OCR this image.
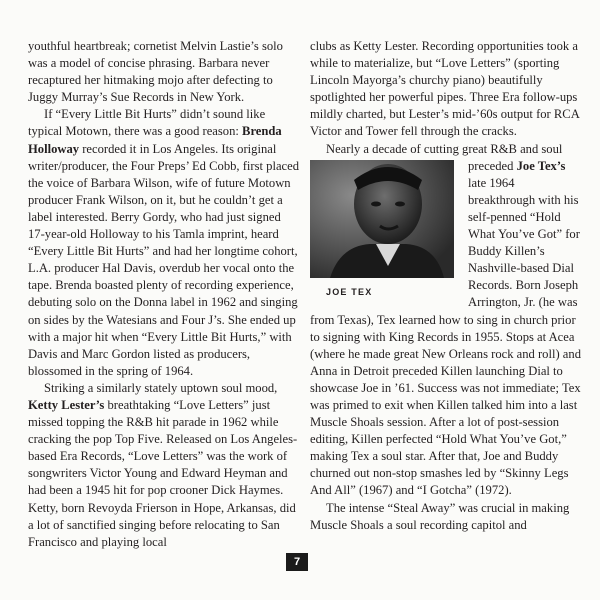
youthful heartbreak; cornetist Melvin Lastie’s solo was a model of concise phrasing. Barbara never recaptured her hitmaking mojo after defecting to Juggy Murray’s Sue Records in New York.

If “Every Little Bit Hurts” didn’t sound like typical Motown, there was a good reason: Brenda Holloway recorded it in Los Angeles. Its original writer/producer, the Four Preps’ Ed Cobb, first placed the voice of Barbara Wilson, wife of future Motown producer Frank Wilson, on it, but he couldn’t get a label interested. Berry Gordy, who had just signed 17-year-old Holloway to his Tamla imprint, heard “Every Little Bit Hurts” and had her longtime cohort, L.A. producer Hal Davis, overdub her vocal onto the tape. Brenda boasted plenty of recording experience, debuting solo on the Donna label in 1962 and singing on sides by the Watesians and Four J’s. She ended up with a major hit when “Every Little Bit Hurts,” with Davis and Marc Gordon listed as producers, blossomed in the spring of 1964.

Striking a similarly stately uptown soul mood, Ketty Lester’s breathtaking “Love Letters” just missed topping the R&B hit parade in 1962 while cracking the pop Top Five. Released on Los Angeles-based Era Records, “Love Letters” was the work of songwriters Victor Young and Edward Heyman and had been a 1945 hit for pop crooner Dick Haymes. Ketty, born Revoyda Frierson in Hope, Arkansas, did a lot of sanctified singing before relocating to San Francisco and playing local

clubs as Ketty Lester. Recording opportunities took a while to materialize, but “Love Letters” (sporting Lincoln Mayorga’s churchy piano) beautifully spotlighted her powerful pipes. Three Era follow-ups mildly charted, but Lester’s mid-’60s output for RCA Victor and Tower fell through the cracks.

Nearly a decade of cutting great R&B and soul preceded Joe Tex’s
JOE TEX
late 1964 breakthrough with his self-penned “Hold What You’ve Got” for Buddy Killen’s Nashville-based Dial Records. Born Joseph Arrington, Jr. (he was from Texas), Tex learned how to sing in church prior to signing with King Records in 1955. Stops at Acea (where he made great New Orleans rock and roll) and Anna in Detroit preceded Killen launching Dial to showcase Joe in ’61. Success was not immediate; Tex was primed to exit when Killen talked him into a last Muscle Shoals session. After a lot of post-session editing, Killen perfected “Hold What You’ve Got,” making Tex a soul star. After that, Joe and Buddy churned out non-stop smashes led by “Skinny Legs And All” (1967) and “I Gotcha” (1972).

The intense “Steal Away” was crucial in making Muscle Shoals a soul recording capitol and

7
